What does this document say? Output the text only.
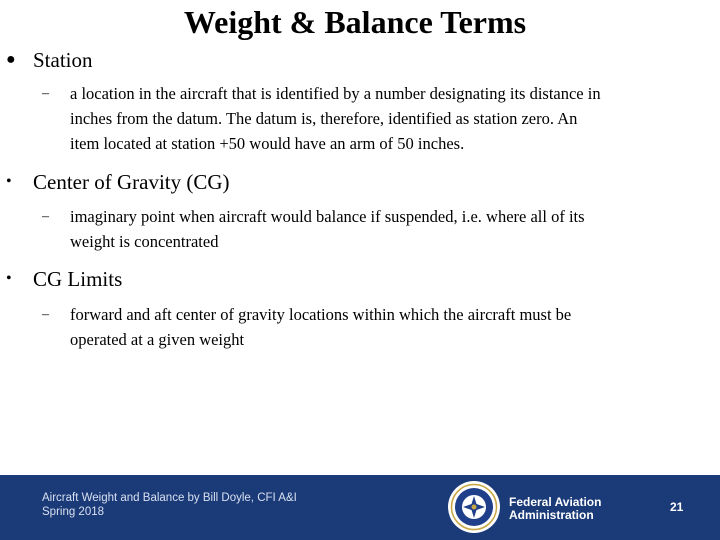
Weight & Balance Terms
● Station
– a location in the aircraft that is identified by a number designating its distance in
inches from the datum. The datum is, therefore, identified as station zero. An
item located at station +50 would have an arm of 50 inches.
• Center of Gravity (CG)
– imaginary point when aircraft would balance if suspended, i.e. where all of its
weight is concentrated
• CG Limits
– forward and aft center of gravity locations within which the aircraft must be
operated at a given weight
Aircraft Weight and Balance by Bill Doyle, CFI A&I
Spring 2018
Federal Aviation
Administration
21
